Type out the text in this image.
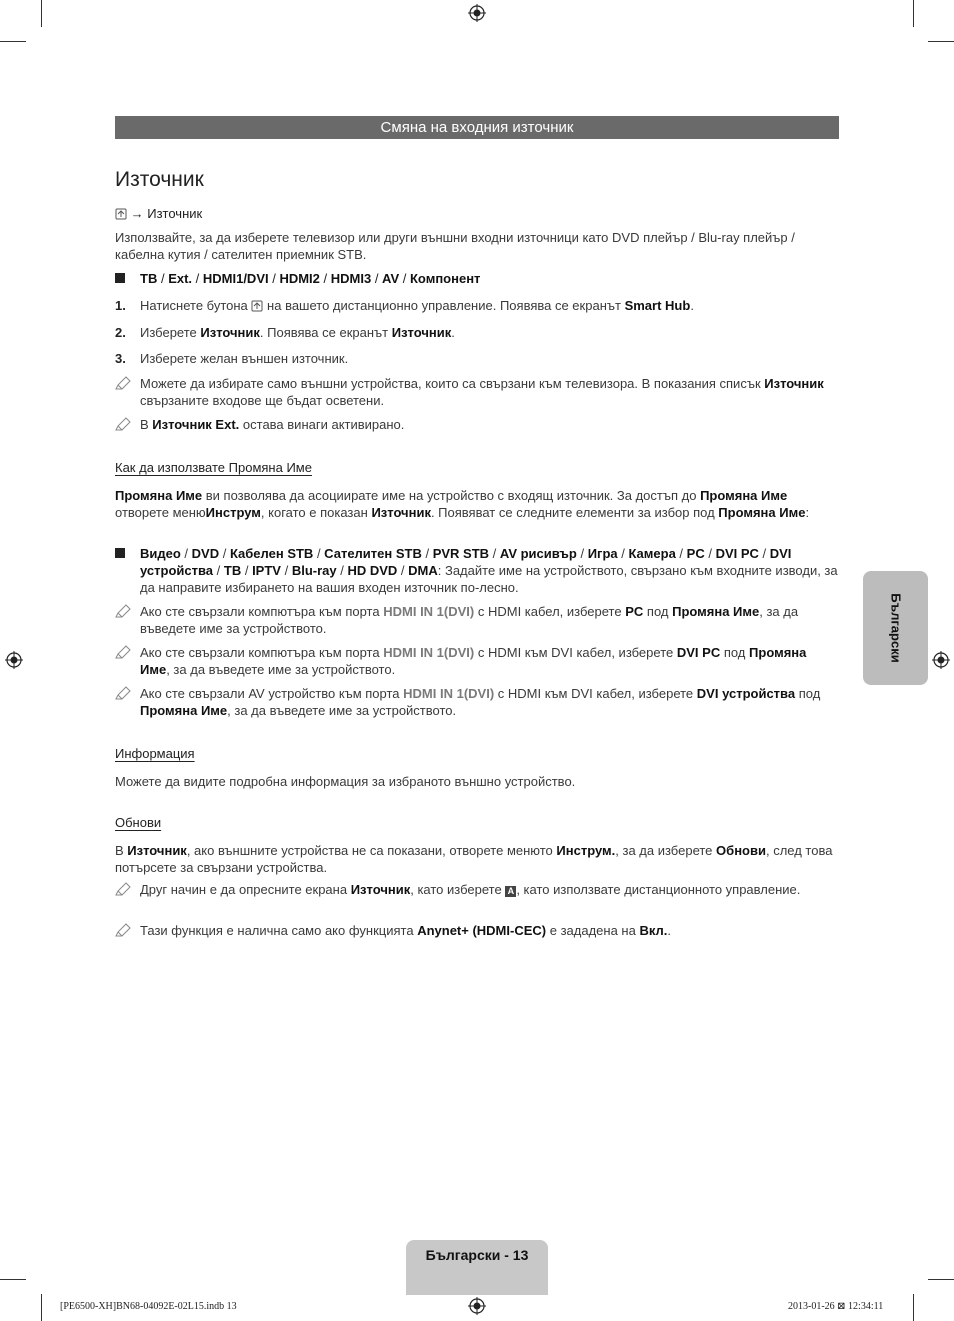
Смяна на входния източник
Източник
→ Източник
Използвайте, за да изберете телевизор или други външни входни източници като DVD плейър / Blu-ray плейър / кабелна кутия / сателитен приемник STB.
ТВ / Ext. / HDMI1/DVI / HDMI2 / HDMI3 / AV / Компонент
1.	Натиснете бутона на вашето дистанционно управление. Появява се екранът Smart Hub.
2.	Изберете Източник. Появява се екранът Източник.
3.	Изберете желан външен източник.
Можете да избирате само външни устройства, които са свързани към телевизора. В показания списък Източник свързаните входове ще бъдат осветени.
В Източник Ext. остава винаги активирано.
Как да използвате Промяна Име
Промяна Име ви позволява да асоциирате име на устройство с входящ източник. За достъп до Промяна Име отворете менюИнструм, когато е показан Източник. Появяват се следните елементи за избор под Промяна Име:
Видео / DVD / Кабелен STB / Сателитен STB / PVR STB / AV рисивър / Игра / Камера / PC / DVI PC / DVI устройства / ТВ / IPTV / Blu-ray / HD DVD / DMA: Задайте име на устройството, свързано към входните изводи, за да направите избирането на вашия входен източник по-лесно.
Ако сте свързали компютъра към порта HDMI IN 1(DVI) с HDMI кабел, изберете PC под Промяна Име, за да въведете име за устройството.
Ако сте свързали компютъра към порта HDMI IN 1(DVI) с HDMI към DVI кабел, изберете DVI PC под Промяна Име, за да въведете име за устройството.
Ако сте свързали AV устройство към порта HDMI IN 1(DVI) с HDMI към DVI кабел, изберете DVI устройства под Промяна Име, за да въведете име за устройството.
Информация
Можете да видите подробна информация за избраното външно устройство.
Обнови
В Източник, ако външните устройства не са показани, отворете менюто Инструм., за да изберете Обнови, след това потърсете за свързани устройства.
Друг начин е да опресните екрана Източник, като изберете A , като използвате дистанционното управление.
Тази функция е налична само ако функцията Anynet+ (HDMI-CEC) е зададена на Вкл..
Български
Български - 13
[PE6500-XH]BN68-04092E-02L15.indb 13	2013-01-26 ⊠ 12:34:11
